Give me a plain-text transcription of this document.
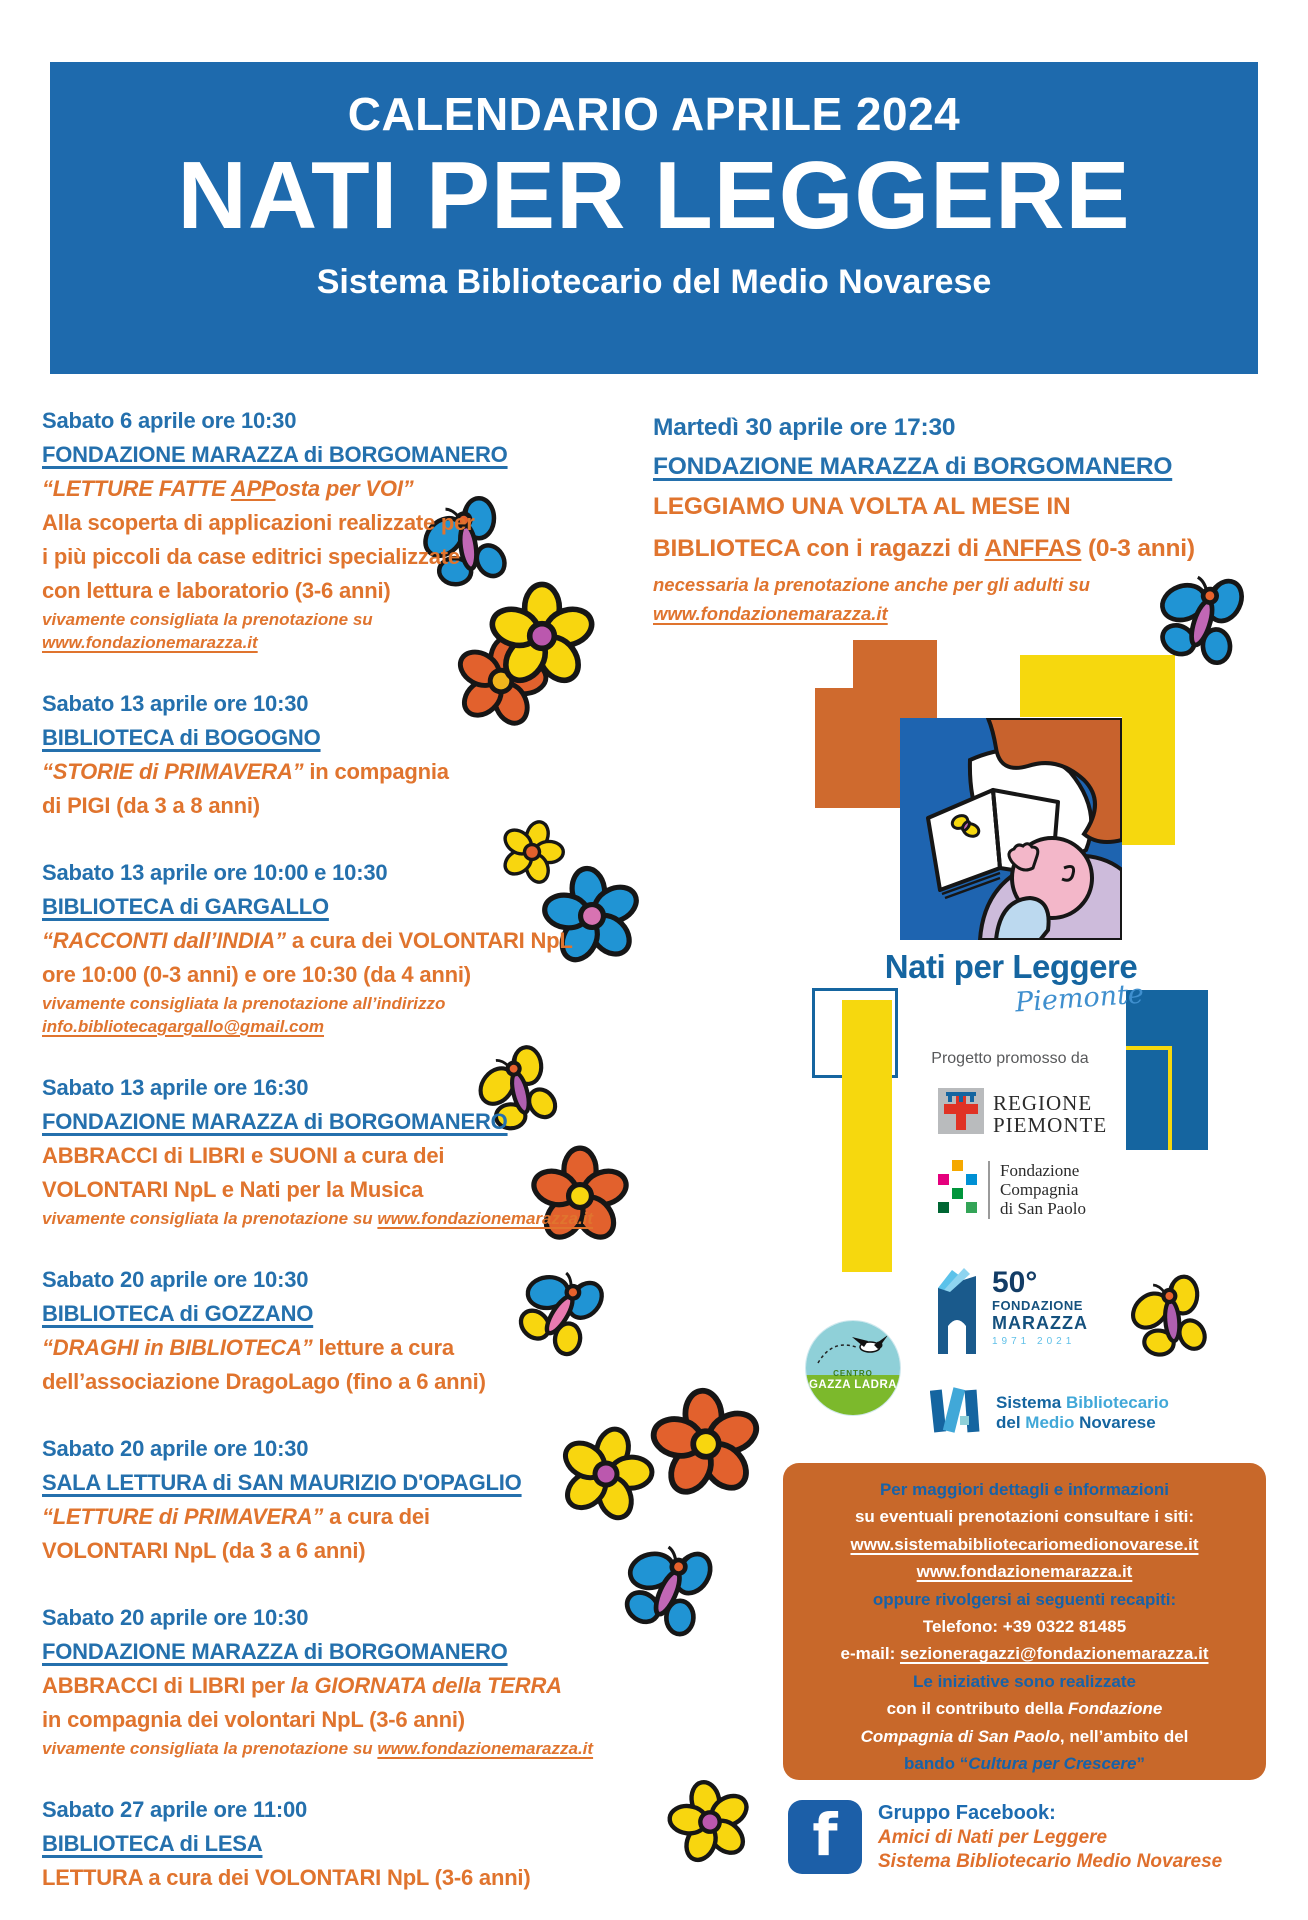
CALENDARIO APRILE 2024
NATI PER LEGGERE
Sistema Bibliotecario del Medio Novarese
Sabato 6 aprile ore 10:30
FONDAZIONE MARAZZA di BORGOMANERO
“LETTURE FATTE APPosta per VOI”
Alla scoperta di applicazioni realizzate per
i più piccoli da case editrici specializzate
con lettura e laboratorio (3-6 anni)
vivamente consigliata la prenotazione su
www.fondazionemarazza.it
Sabato 13 aprile ore 10:30
BIBLIOTECA di BOGOGNO
“STORIE di PRIMAVERA” in compagnia
di PIGI (da 3 a 8 anni)
Sabato 13 aprile ore 10:00 e 10:30
BIBLIOTECA di GARGALLO
“RACCONTI dall’INDIA” a cura dei VOLONTARI NpL
ore 10:00 (0-3 anni) e ore 10:30 (da 4 anni)
vivamente consigliata la prenotazione all’indirizzo
info.bibliotecagargallo@gmail.com
Sabato 13 aprile ore 16:30
FONDAZIONE MARAZZA di BORGOMANERO
ABBRACCI di LIBRI e SUONI a cura dei
VOLONTARI NpL e Nati per la Musica
vivamente consigliata la prenotazione su www.fondazionemarazza.it
Sabato 20 aprile ore 10:30
BIBLIOTECA di GOZZANO
“DRAGHI in BIBLIOTECA” letture a cura
dell’associazione DragoLago (fino a 6 anni)
Sabato 20 aprile ore 10:30
SALA LETTURA di SAN MAURIZIO D'OPAGLIO
“LETTURE di PRIMAVERA” a cura dei
VOLONTARI NpL (da 3 a 6 anni)
Sabato 20 aprile ore 10:30
FONDAZIONE MARAZZA di BORGOMANERO
ABBRACCI di LIBRI per la GIORNATA della TERRA
in compagnia dei volontari NpL (3-6 anni)
vivamente consigliata la prenotazione su www.fondazionemarazza.it
Sabato 27 aprile ore 11:00
BIBLIOTECA di LESA
LETTURA a cura dei VOLONTARI NpL (3-6 anni)
Martedì 30 aprile ore 17:30
FONDAZIONE MARAZZA di BORGOMANERO
LEGGIAMO UNA VOLTA AL MESE IN
BIBLIOTECA con i ragazzi di ANFFAS (0-3 anni)
necessaria la prenotazione anche per gli adulti su
www.fondazionemarazza.it
Nati per Leggere
Piemonte
Progetto promosso da
REGIONE
PIEMONTE
Fondazione
Compagnia
di San Paolo
50°
FONDAZIONE
MARAZZA
1971 2021
Sistema Bibliotecario
del Medio Novarese
CENTRO
GAZZA LADRA
Per maggiori dettagli e informazioni
su eventuali prenotazioni consultare i siti:
www.sistemabibliotecariomedionovarese.it
www.fondazionemarazza.it
oppure rivolgersi ai seguenti recapiti:
Telefono: +39 0322 81485
e-mail: sezioneragazzi@fondazionemarazza.it
Le iniziative sono realizzate
con il contributo della Fondazione
Compagnia di San Paolo, nell’ambito del
bando “Cultura per Crescere”
f	Gruppo Facebook:
Amici di Nati per Leggere
Sistema Bibliotecario Medio Novarese
